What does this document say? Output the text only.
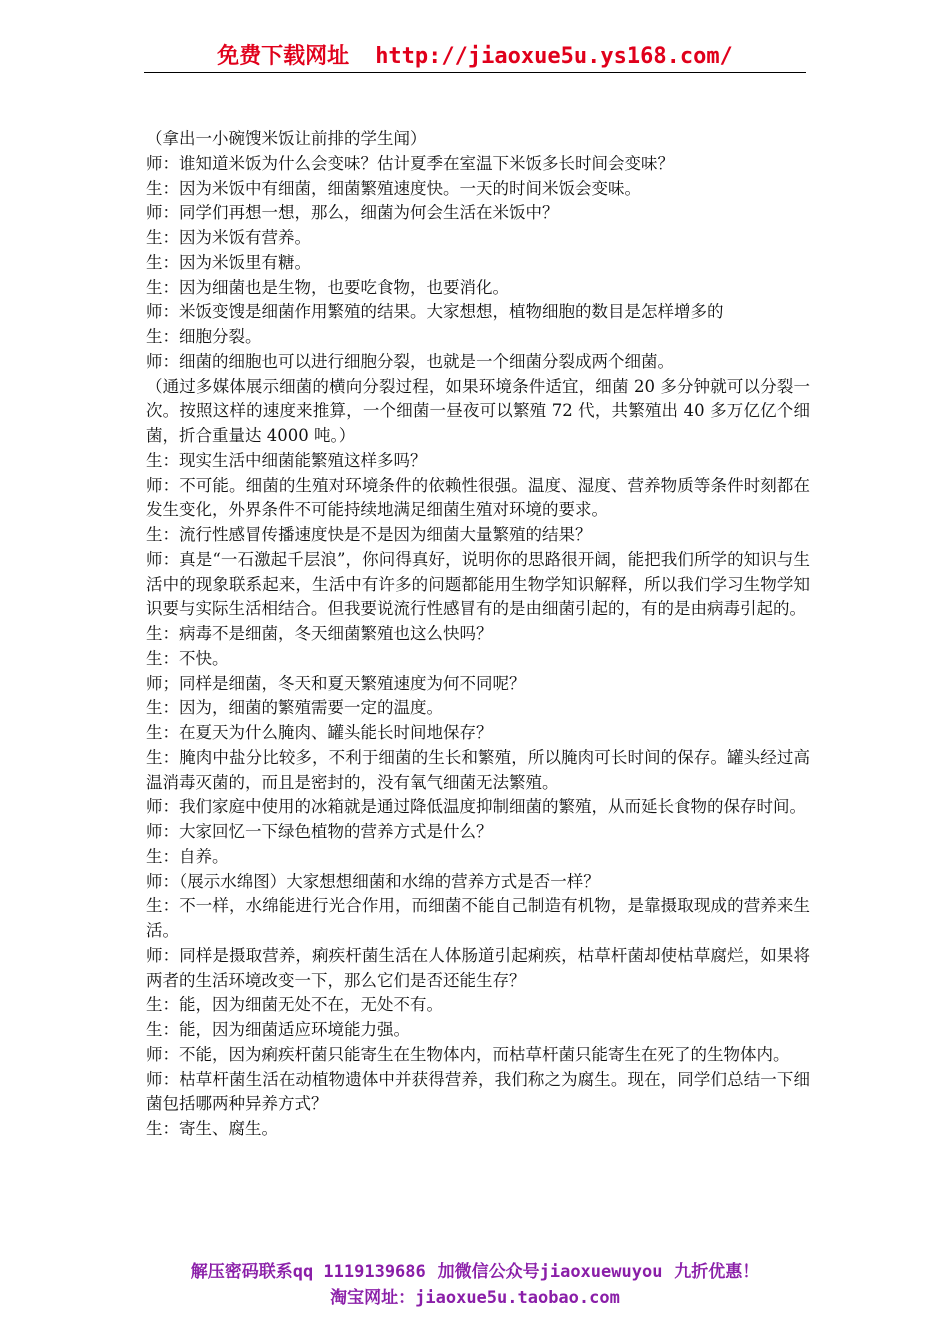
免费下载网址 http://jiaoxue5u.ys168.com/

（拿出一小碗馊米饭让前排的学生闻）

师：谁知道米饭为什么会变味？估计夏季在室温下米饭多长时间会变味？

生：因为米饭中有细菌，细菌繁殖速度快。一天的时间米饭会变味。

师：同学们再想一想，那么，细菌为何会生活在米饭中？

生：因为米饭有营养。

生：因为米饭里有糖。

生：因为细菌也是生物，也要吃食物，也要消化。

师：米饭变馊是细菌作用繁殖的结果。大家想想，植物细胞的数目是怎样增多的

生：细胞分裂。

师：细菌的细胞也可以进行细胞分裂，也就是一个细菌分裂成两个细菌。

（通过多媒体展示细菌的横向分裂过程，如果环境条件适宜，细菌 20 多分钟就可以分裂一次。按照这样的速度来推算，一个细菌一昼夜可以繁殖 72 代，共繁殖出 40 多万亿亿个细菌，折合重量达 4000 吨。）

生：现实生活中细菌能繁殖这样多吗？

师：不可能。细菌的生殖对环境条件的依赖性很强。温度、湿度、营养物质等条件时刻都在发生变化，外界条件不可能持续地满足细菌生殖对环境的要求。

生：流行性感冒传播速度快是不是因为细菌大量繁殖的结果？

师：真是“一石激起千层浪”，你问得真好，说明你的思路很开阔，能把我们所学的知识与生活中的现象联系起来，生活中有许多的问题都能用生物学知识解释，所以我们学习生物学知识要与实际生活相结合。但我要说流行性感冒有的是由细菌引起的，有的是由病毒引起的。

生：病毒不是细菌，冬天细菌繁殖也这么快吗？

生：不快。

师；同样是细菌，冬天和夏天繁殖速度为何不同呢？

生：因为，细菌的繁殖需要一定的温度。

生：在夏天为什么腌肉、罐头能长时间地保存？

生：腌肉中盐分比较多，不利于细菌的生长和繁殖，所以腌肉可长时间的保存。罐头经过高温消毒灭菌的，而且是密封的，没有氧气细菌无法繁殖。

师：我们家庭中使用的冰箱就是通过降低温度抑制细菌的繁殖，从而延长食物的保存时间。

师：大家回忆一下绿色植物的营养方式是什么？

生：自养。

师：（展示水绵图）大家想想细菌和水绵的营养方式是否一样？

生：不一样，水绵能进行光合作用，而细菌不能自己制造有机物，是靠摄取现成的营养来生活。

师：同样是摄取营养，痢疾杆菌生活在人体肠道引起痢疾，枯草杆菌却使枯草腐烂，如果将两者的生活环境改变一下，那么它们是否还能生存？

生：能，因为细菌无处不在，无处不有。

生：能，因为细菌适应环境能力强。

师：不能，因为痢疾杆菌只能寄生在生物体内，而枯草杆菌只能寄生在死了的生物体内。

师：枯草杆菌生活在动植物遗体中并获得营养，我们称之为腐生。现在，同学们总结一下细菌包括哪两种异养方式？

生：寄生、腐生。

解压密码联系qq 1119139686 加微信公众号jiaoxuewuyou 九折优惠！
淘宝网址：jiaoxue5u.taobao.com
